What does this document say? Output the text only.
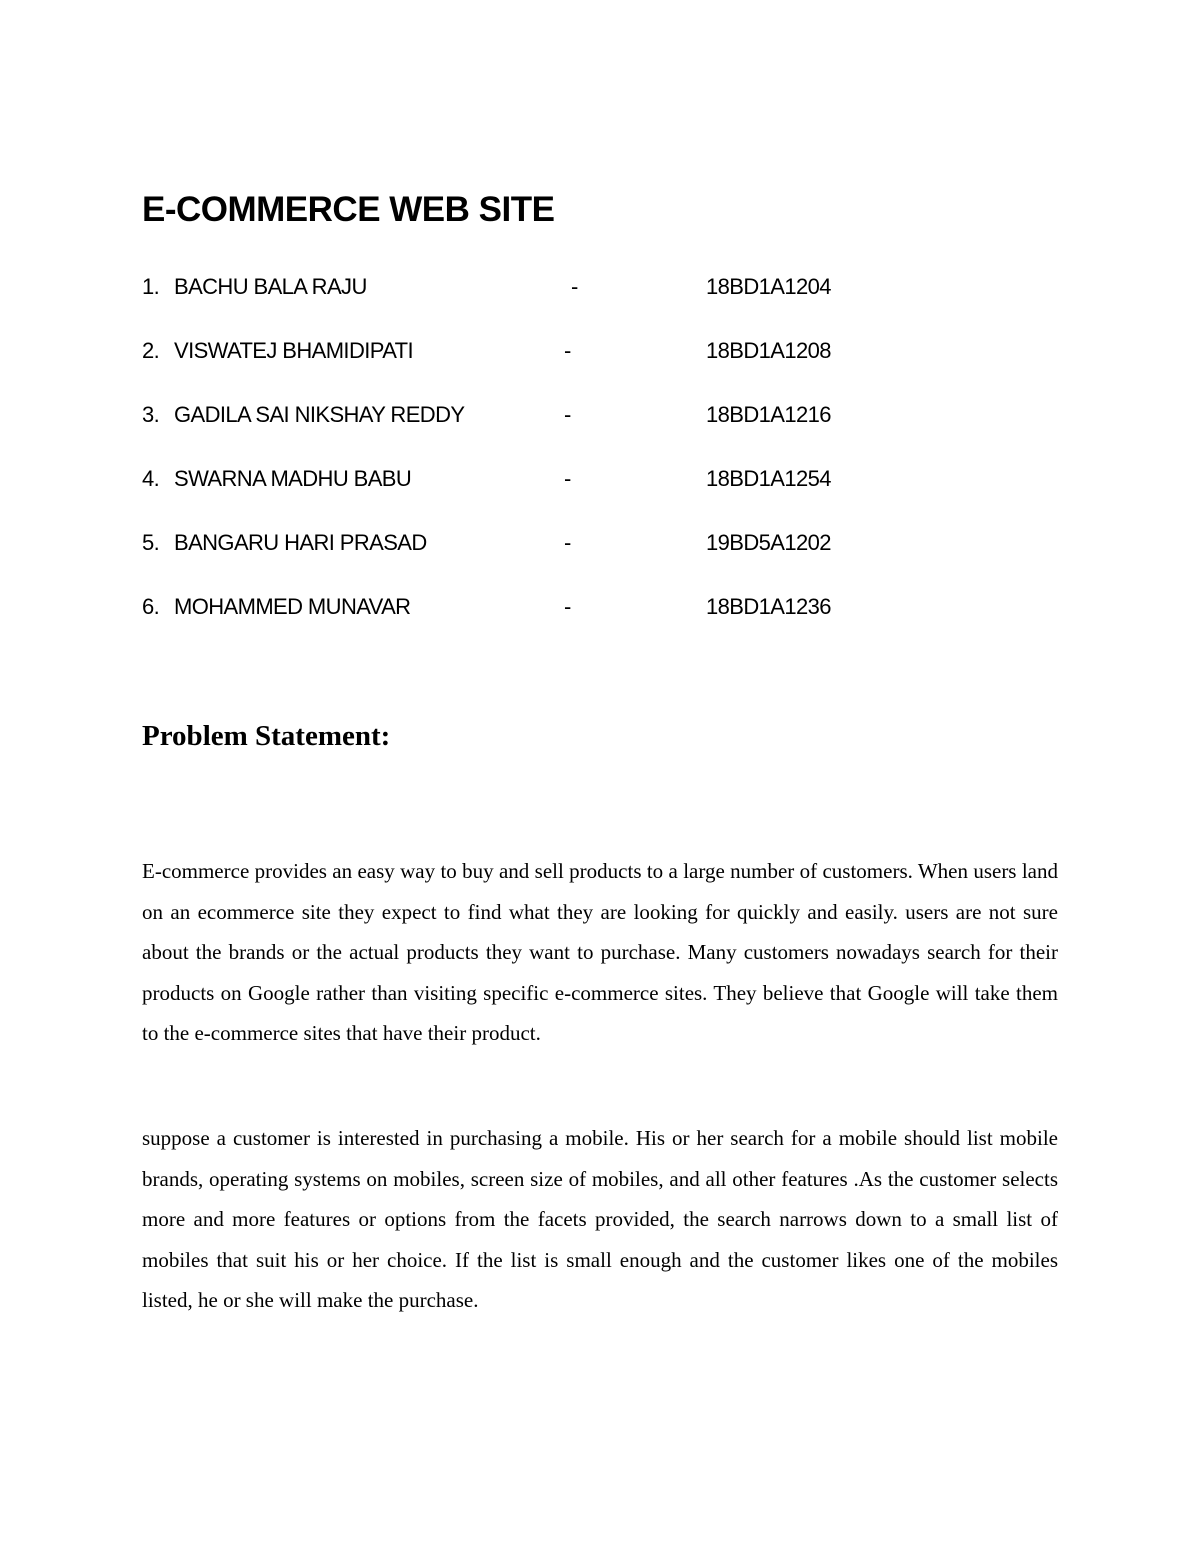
E-COMMERCE WEB SITE
1. BACHU BALA RAJU	-	18BD1A1204
2. VISWATEJ BHAMIDIPATI	-	18BD1A1208
3. GADILA SAI NIKSHAY REDDY	-	18BD1A1216
4. SWARNA MADHU BABU	-	18BD1A1254
5. BANGARU HARI PRASAD	-	19BD5A1202
6. MOHAMMED MUNAVAR	-	18BD1A1236
Problem Statement:

E-commerce provides an easy way to buy and sell products to a large number of customers. When users land on an ecommerce site they expect to find what they are looking for quickly and easily. users are not sure about the brands or the actual products they want to purchase. Many customers nowadays search for their products on Google rather than visiting specific e-commerce sites. They believe that Google will take them to the e-commerce sites that have their product.

suppose a customer is interested in purchasing a mobile. His or her search for a mobile should list mobile brands, operating systems on mobiles, screen size of mobiles, and all other features .As the customer selects more and more features or options from the facets provided, the search narrows down to a small list of mobiles that suit his or her choice. If the list is small enough and the customer likes one of the mobiles listed, he or she will make the purchase.
